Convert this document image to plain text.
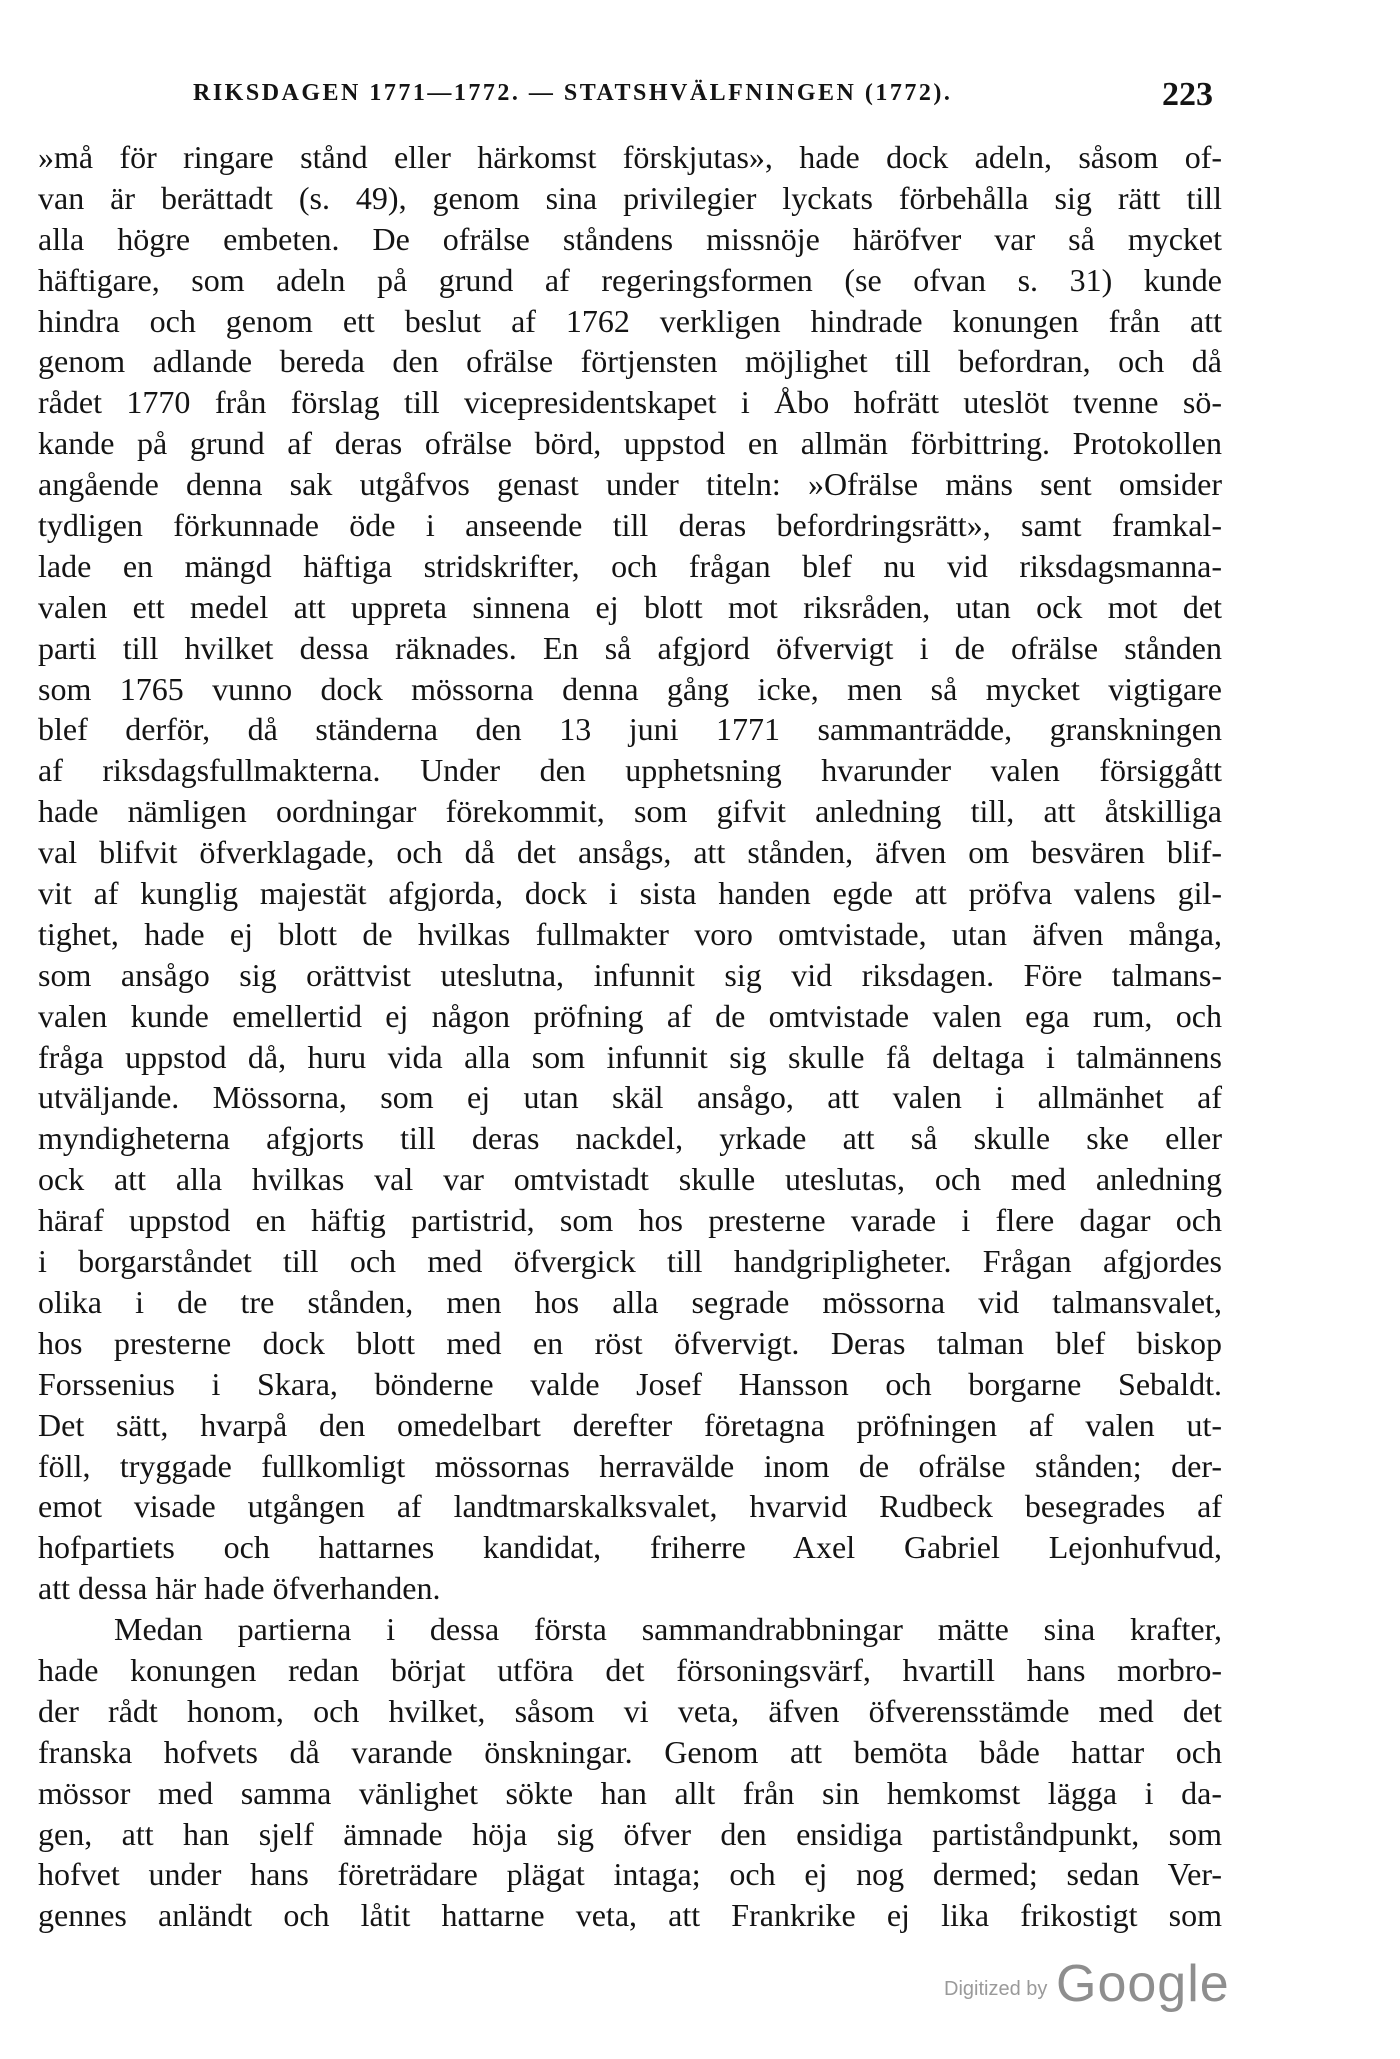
RIKSDAGEN 1771—1772. — STATSHVÄLFNINGEN (1772).	223
»må för ringare stånd eller härkomst förskjutas», hade dock adeln, såsom of-
van är berättadt (s. 49), genom sina privilegier lyckats förbehålla sig rätt till
alla högre embeten. De ofrälse ståndens missnöje häröfver var så mycket
häftigare, som adeln på grund af regeringsformen (se ofvan s. 31) kunde
hindra och genom ett beslut af 1762 verkligen hindrade konungen från att
genom adlande bereda den ofrälse förtjensten möjlighet till befordran, och då
rådet 1770 från förslag till vicepresidentskapet i Åbo hofrätt uteslöt tvenne sö-
kande på grund af deras ofrälse börd, uppstod en allmän förbittring. Protokollen
angående denna sak utgåfvos genast under titeln: »Ofrälse mäns sent omsider
tydligen förkunnade öde i anseende till deras befordringsrätt», samt framkal-
lade en mängd häftiga stridskrifter, och frågan blef nu vid riksdagsmanna-
valen ett medel att uppreta sinnena ej blott mot riksråden, utan ock mot det
parti till hvilket dessa räknades. En så afgjord öfvervigt i de ofrälse stånden
som 1765 vunno dock mössorna denna gång icke, men så mycket vigtigare
blef derför, då ständerna den 13 juni 1771 sammanträdde, granskningen
af riksdagsfullmakterna. Under den upphetsning hvarunder valen försiggått
hade nämligen oordningar förekommit, som gifvit anledning till, att åtskilliga
val blifvit öfverklagade, och då det ansågs, att stånden, äfven om besvären blif-
vit af kunglig majestät afgjorda, dock i sista handen egde att pröfva valens gil-
tighet, hade ej blott de hvilkas fullmakter voro omtvistade, utan äfven många,
som ansågo sig orättvist uteslutna, infunnit sig vid riksdagen. Före talmans-
valen kunde emellertid ej någon pröfning af de omtvistade valen ega rum, och
fråga uppstod då, huru vida alla som infunnit sig skulle få deltaga i talmännens
utväljande. Mössorna, som ej utan skäl ansågo, att valen i allmänhet af
myndigheterna afgjorts till deras nackdel, yrkade att så skulle ske eller
ock att alla hvilkas val var omtvistadt skulle uteslutas, och med anledning
häraf uppstod en häftig partistrid, som hos presterne varade i flere dagar och
i borgarståndet till och med öfvergick till handgripligheter. Frågan afgjordes
olika i de tre stånden, men hos alla segrade mössorna vid talmansvalet,
hos presterne dock blott med en röst öfvervigt. Deras talman blef biskop
Forssenius i Skara, bönderne valde Josef Hansson och borgarne Sebaldt.
Det sätt, hvarpå den omedelbart derefter företagna pröfningen af valen ut-
föll, tryggade fullkomligt mössornas herravälde inom de ofrälse stånden; der-
emot visade utgången af landtmarskalksvalet, hvarvid Rudbeck besegrades af
hofpartiets och hattarnes kandidat, friherre Axel Gabriel Lejonhufvud,
att dessa här hade öfverhanden.
Medan partierna i dessa första sammandrabbningar mätte sina krafter,
hade konungen redan börjat utföra det försoningsvärf, hvartill hans morbro-
der rådt honom, och hvilket, såsom vi veta, äfven öfverensstämde med det
franska hofvets då varande önskningar. Genom att bemöta både hattar och
mössor med samma vänlighet sökte han allt från sin hemkomst lägga i da-
gen, att han sjelf ämnade höja sig öfver den ensidiga partiståndpunkt, som
hofvet under hans företrädare plägat intaga; och ej nog dermed; sedan Ver-
gennes anländt och låtit hattarne veta, att Frankrike ej lika frikostigt som
Digitized by Google
